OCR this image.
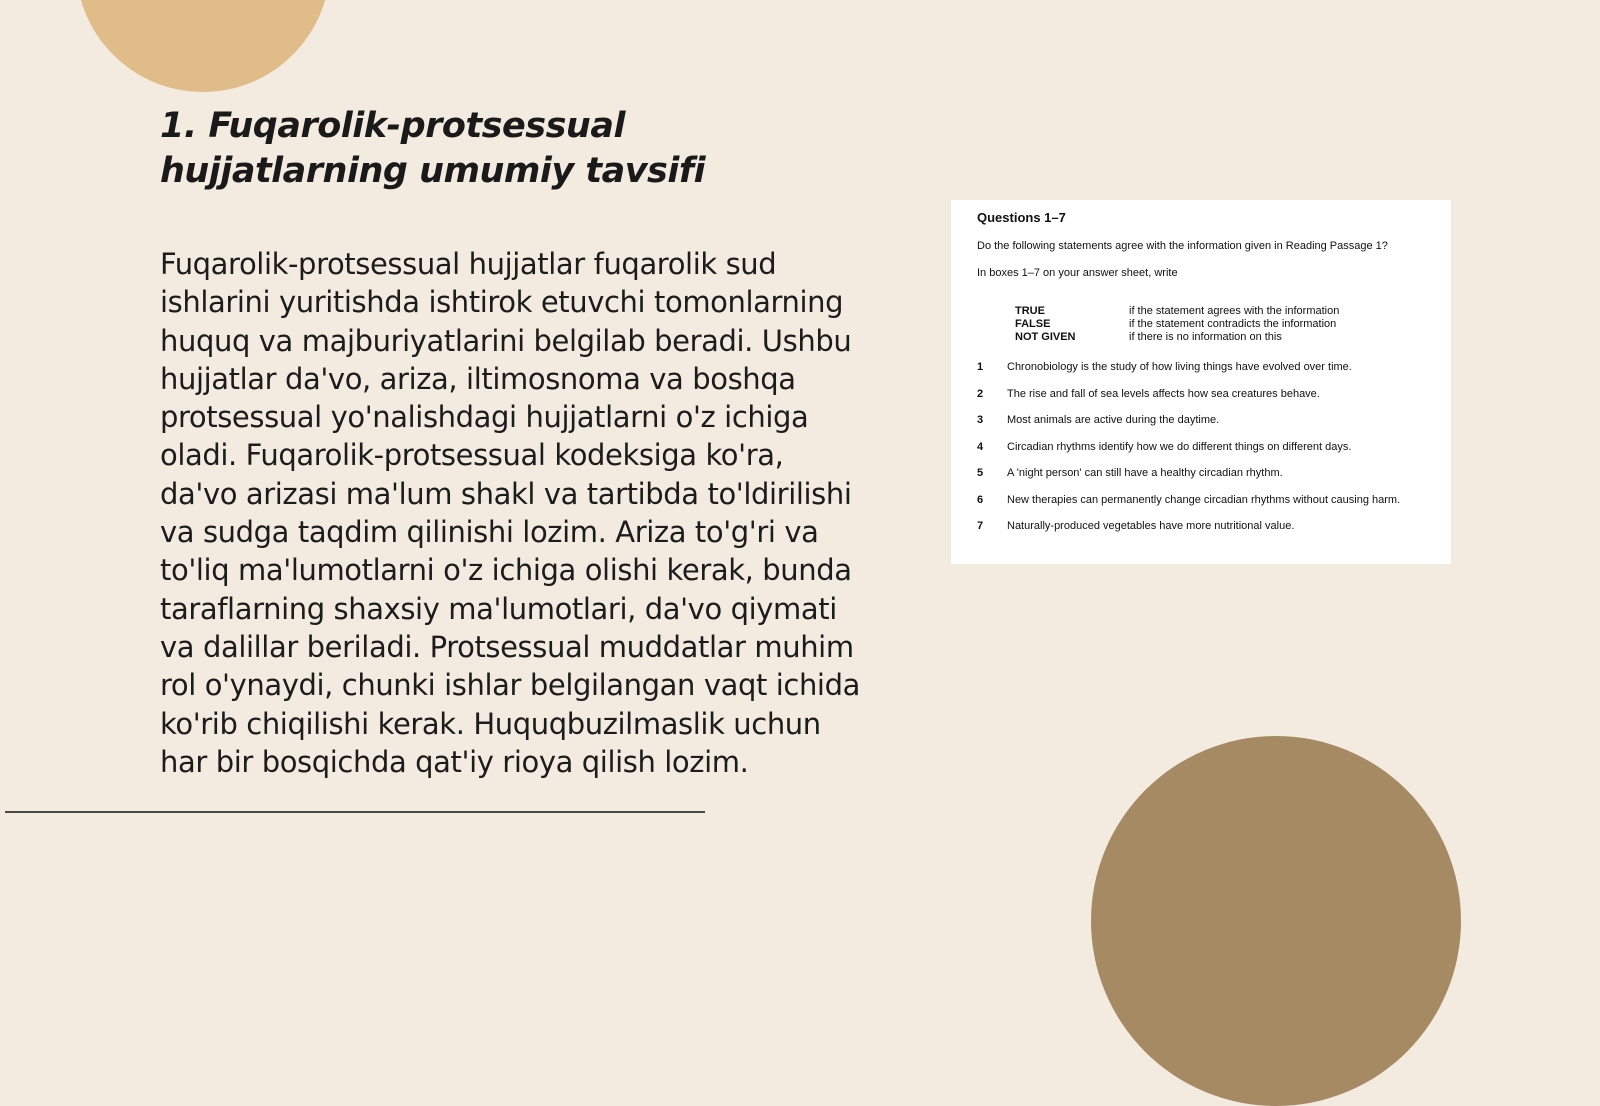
1. Fuqarolik-protsessual hujjatlarning umumiy tavsifi

Fuqarolik-protsessual hujjatlar fuqarolik sud ishlarini yuritishda ishtirok etuvchi tomonlarning huquq va majburiyatlarini belgilab beradi. Ushbu hujjatlar da'vo, ariza, iltimosnoma va boshqa protsessual yo'nalishdagi hujjatlarni o'z ichiga oladi. Fuqarolik-protsessual kodeksiga ko'ra, da'vo arizasi ma'lum shakl va tartibda to'ldirilishi va sudga taqdim qilinishi lozim. Ariza to'g'ri va to'liq ma'lumotlarni o'z ichiga olishi kerak, bunda taraflarning shaxsiy ma'lumotlari, da'vo qiymati va dalillar beriladi. Protsessual muddatlar muhim rol o'ynaydi, chunki ishlar belgilangan vaqt ichida ko'rib chiqilishi kerak. Huquqbuzilmaslik uchun har bir bosqichda qat'iy rioya qilish lozim.

Questions 1–7

Do the following statements agree with the information given in Reading Passage 1?

In boxes 1–7 on your answer sheet, write

TRUE	if the statement agrees with the information
FALSE	if the statement contradicts the information
NOT GIVEN	if there is no information on this
1	Chronobiology is the study of how living things have evolved over time.
2	The rise and fall of sea levels affects how sea creatures behave.
3	Most animals are active during the daytime.
4	Circadian rhythms identify how we do different things on different days.
5	A 'night person' can still have a healthy circadian rhythm.
6	New therapies can permanently change circadian rhythms without causing harm.
7	Naturally-produced vegetables have more nutritional value.
